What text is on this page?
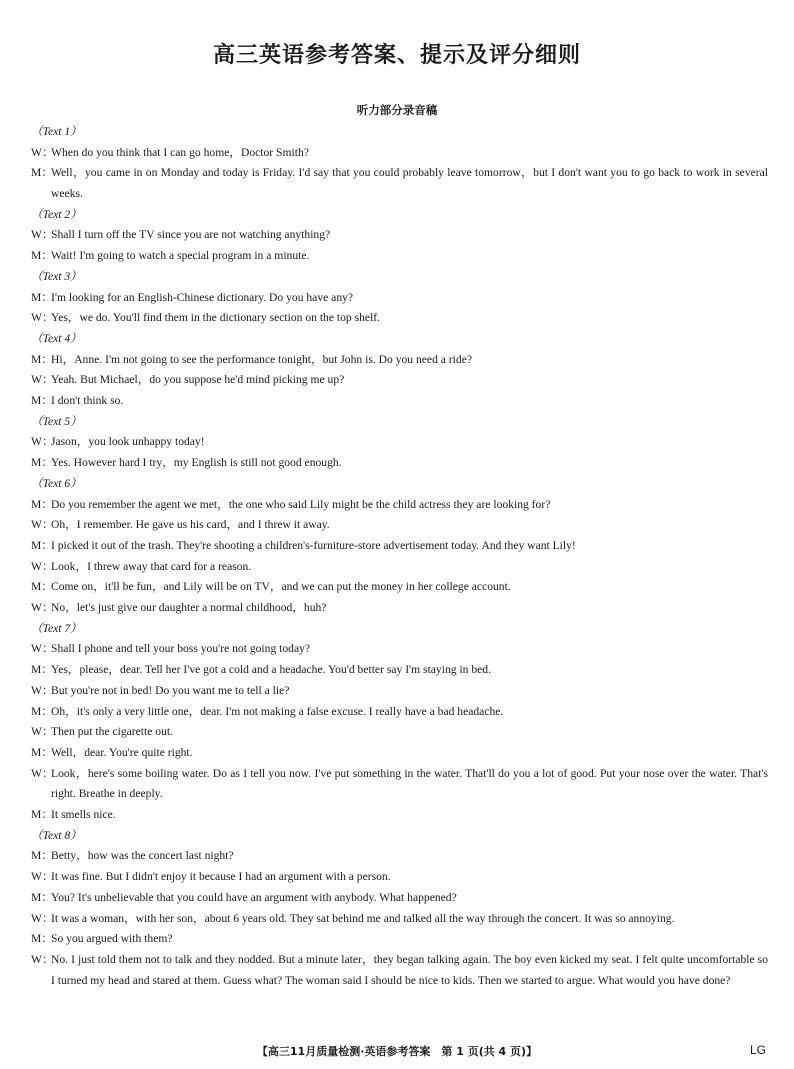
高三英语参考答案、提示及评分细则
听力部分录音稿
（Text 1）
W：
When do you think that I can go home，Doctor Smith?
M：
Well，you came in on Monday and today is Friday. I'd say that you could probably leave tomorrow，but I don't want you to go back to work in several weeks.
（Text 2）
W：
Shall I turn off the TV since you are not watching anything?
M：
Wait! I'm going to watch a special program in a minute.
（Text 3）
M：
I'm looking for an English-Chinese dictionary. Do you have any?
W：
Yes，we do. You'll find them in the dictionary section on the top shelf.
（Text 4）
M：
Hi，Anne. I'm not going to see the performance tonight，but John is. Do you need a ride?
W：
Yeah. But Michael，do you suppose he'd mind picking me up?
M：
I don't think so.
（Text 5）
W：
Jason，you look unhappy today!
M：
Yes. However hard I try，my English is still not good enough.
（Text 6）
M：
Do you remember the agent we met，the one who said Lily might be the child actress they are looking for?
W：
Oh，I remember. He gave us his card，and I threw it away.
M：
I picked it out of the trash. They're shooting a children's-furniture-store advertisement today. And they want Lily!
W：
Look，I threw away that card for a reason.
M：
Come on，it'll be fun，and Lily will be on TV，and we can put the money in her college account.
W：
No，let's just give our daughter a normal childhood，huh?
（Text 7）
W：
Shall I phone and tell your boss you're not going today?
M：
Yes，please，dear. Tell her I've got a cold and a headache. You'd better say I'm staying in bed.
W：
But you're not in bed! Do you want me to tell a lie?
M：
Oh，it's only a very little one，dear. I'm not making a false excuse. I really have a bad headache.
W：
Then put the cigarette out.
M：
Well，dear. You're quite right.
W：
Look，here's some boiling water. Do as I tell you now. I've put something in the water. That'll do you a lot of good. Put your nose over the water. That's right. Breathe in deeply.
M：
It smells nice.
（Text 8）
M：
Betty，how was the concert last night?
W：
It was fine. But I didn't enjoy it because I had an argument with a person.
M：
You? It's unbelievable that you could have an argument with anybody. What happened?
W：
It was a woman，with her son，about 6 years old. They sat behind me and talked all the way through the concert. It was so annoying.
M：
So you argued with them?
W：
No. I just told them not to talk and they nodded. But a minute later，they began talking again. The boy even kicked my seat. I felt quite uncomfortable so I turned my head and stared at them. Guess what? The woman said I should be nice to kids. Then we started to argue. What would you have done?
【高三11月质量检测·英语参考答案　第 1 页(共 4 页)】	LG
